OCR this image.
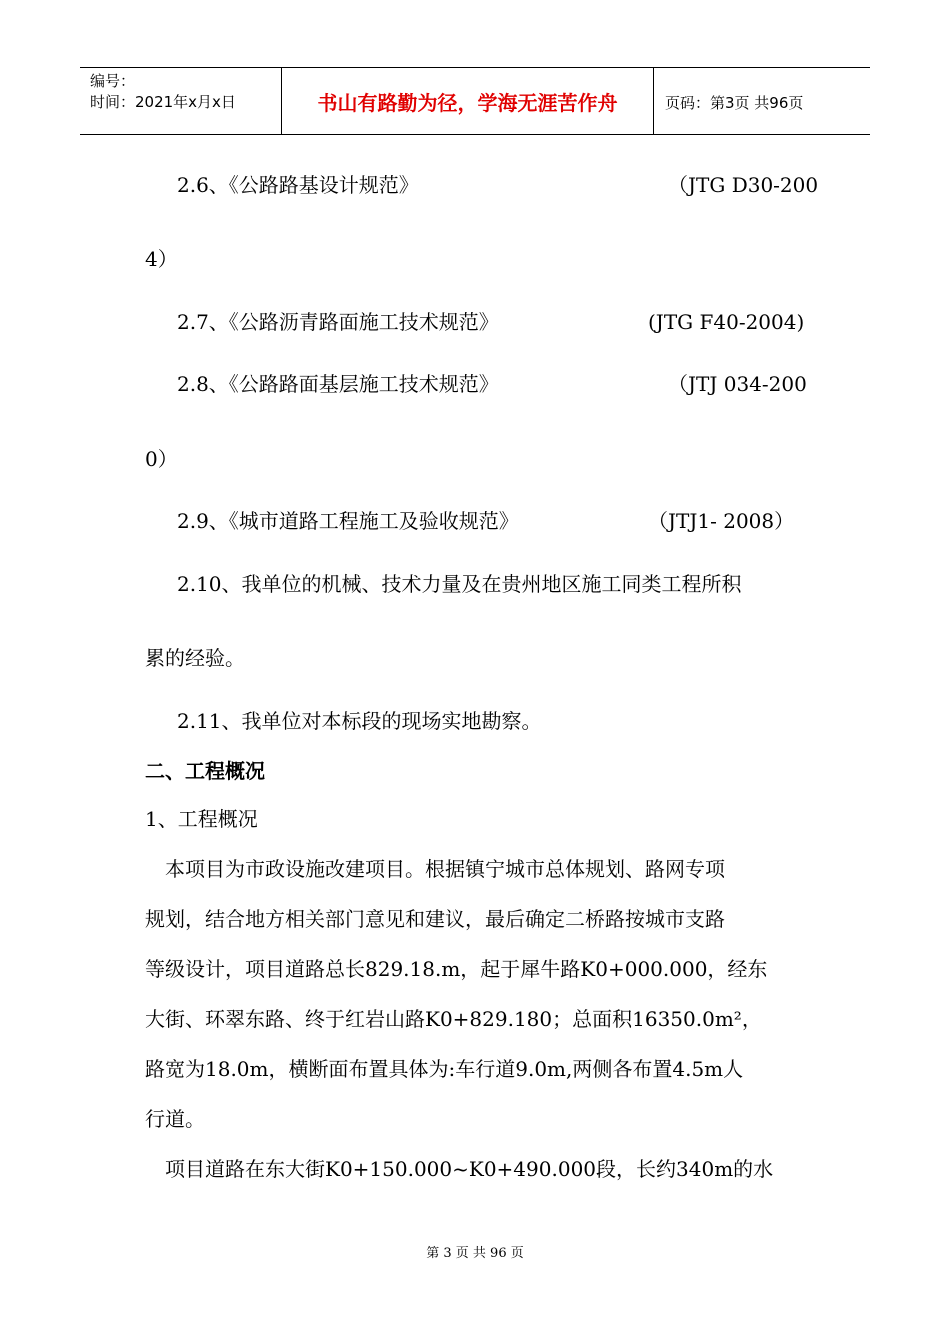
编号：
时间：2021年x月x日	书山有路勤为径，学海无涯苦作舟	页码：第3页 共96页
2.6、《公路路基设计规范》	（JTG D30-200
4）
2.7、《公路沥青路面施工技术规范》	(JTG F40-2004)
2.8、《公路路面基层施工技术规范》	（JTJ 034-200
0）
2.9、《城市道路工程施工及验收规范》	（JTJ1- 2008）
2.10、我单位的机械、技术力量及在贵州地区施工同类工程所积
累的经验。
2.11、我单位对本标段的现场实地勘察。
二、工程概况
1、工程概况
本项目为市政设施改建项目。根据镇宁城市总体规划、路网专项
规划，结合地方相关部门意见和建议，最后确定二桥路按城市支路
等级设计，项目道路总长829.18.m，起于犀牛路K0+000.000，经东
大街、环翠东路、终于红岩山路K0+829.180；总面积16350.0m²，
路宽为18.0m，横断面布置具体为:车行道9.0m,两侧各布置4.5m人
行道。
项目道路在东大街K0+150.000~K0+490.000段，长约340m的水
第 3 页 共 96 页
